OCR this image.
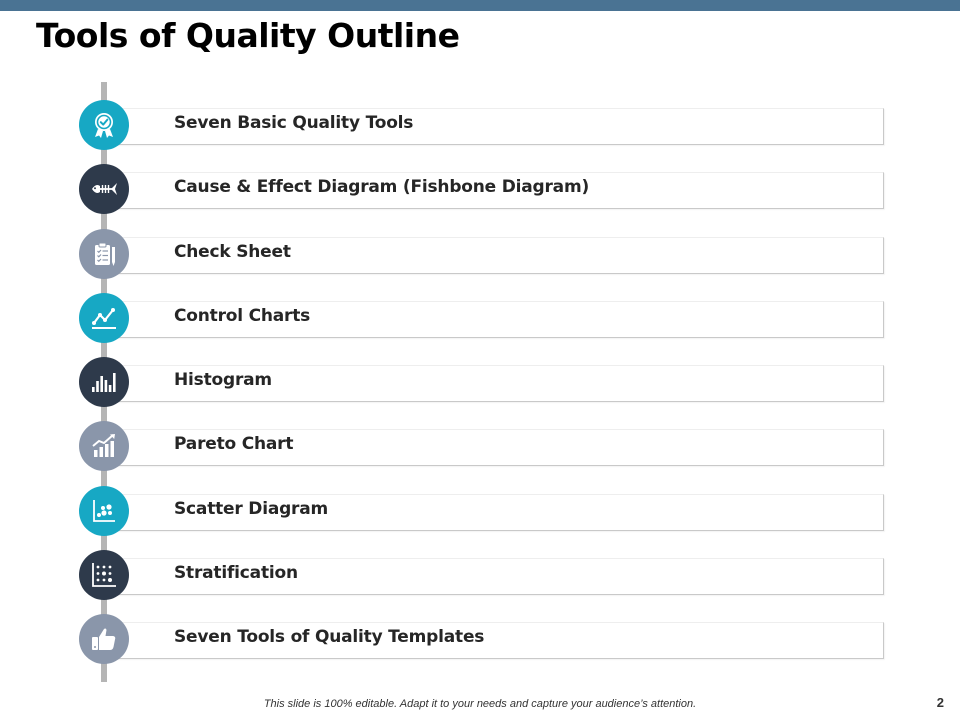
Tools of Quality Outline
Seven Basic Quality Tools
Cause & Effect Diagram (Fishbone Diagram)
Check Sheet
Control Charts
Histogram
Pareto Chart
Scatter Diagram
Stratification
Seven Tools of Quality Templates
This slide is 100% editable. Adapt it to your needs and capture your audience’s attention.	2
